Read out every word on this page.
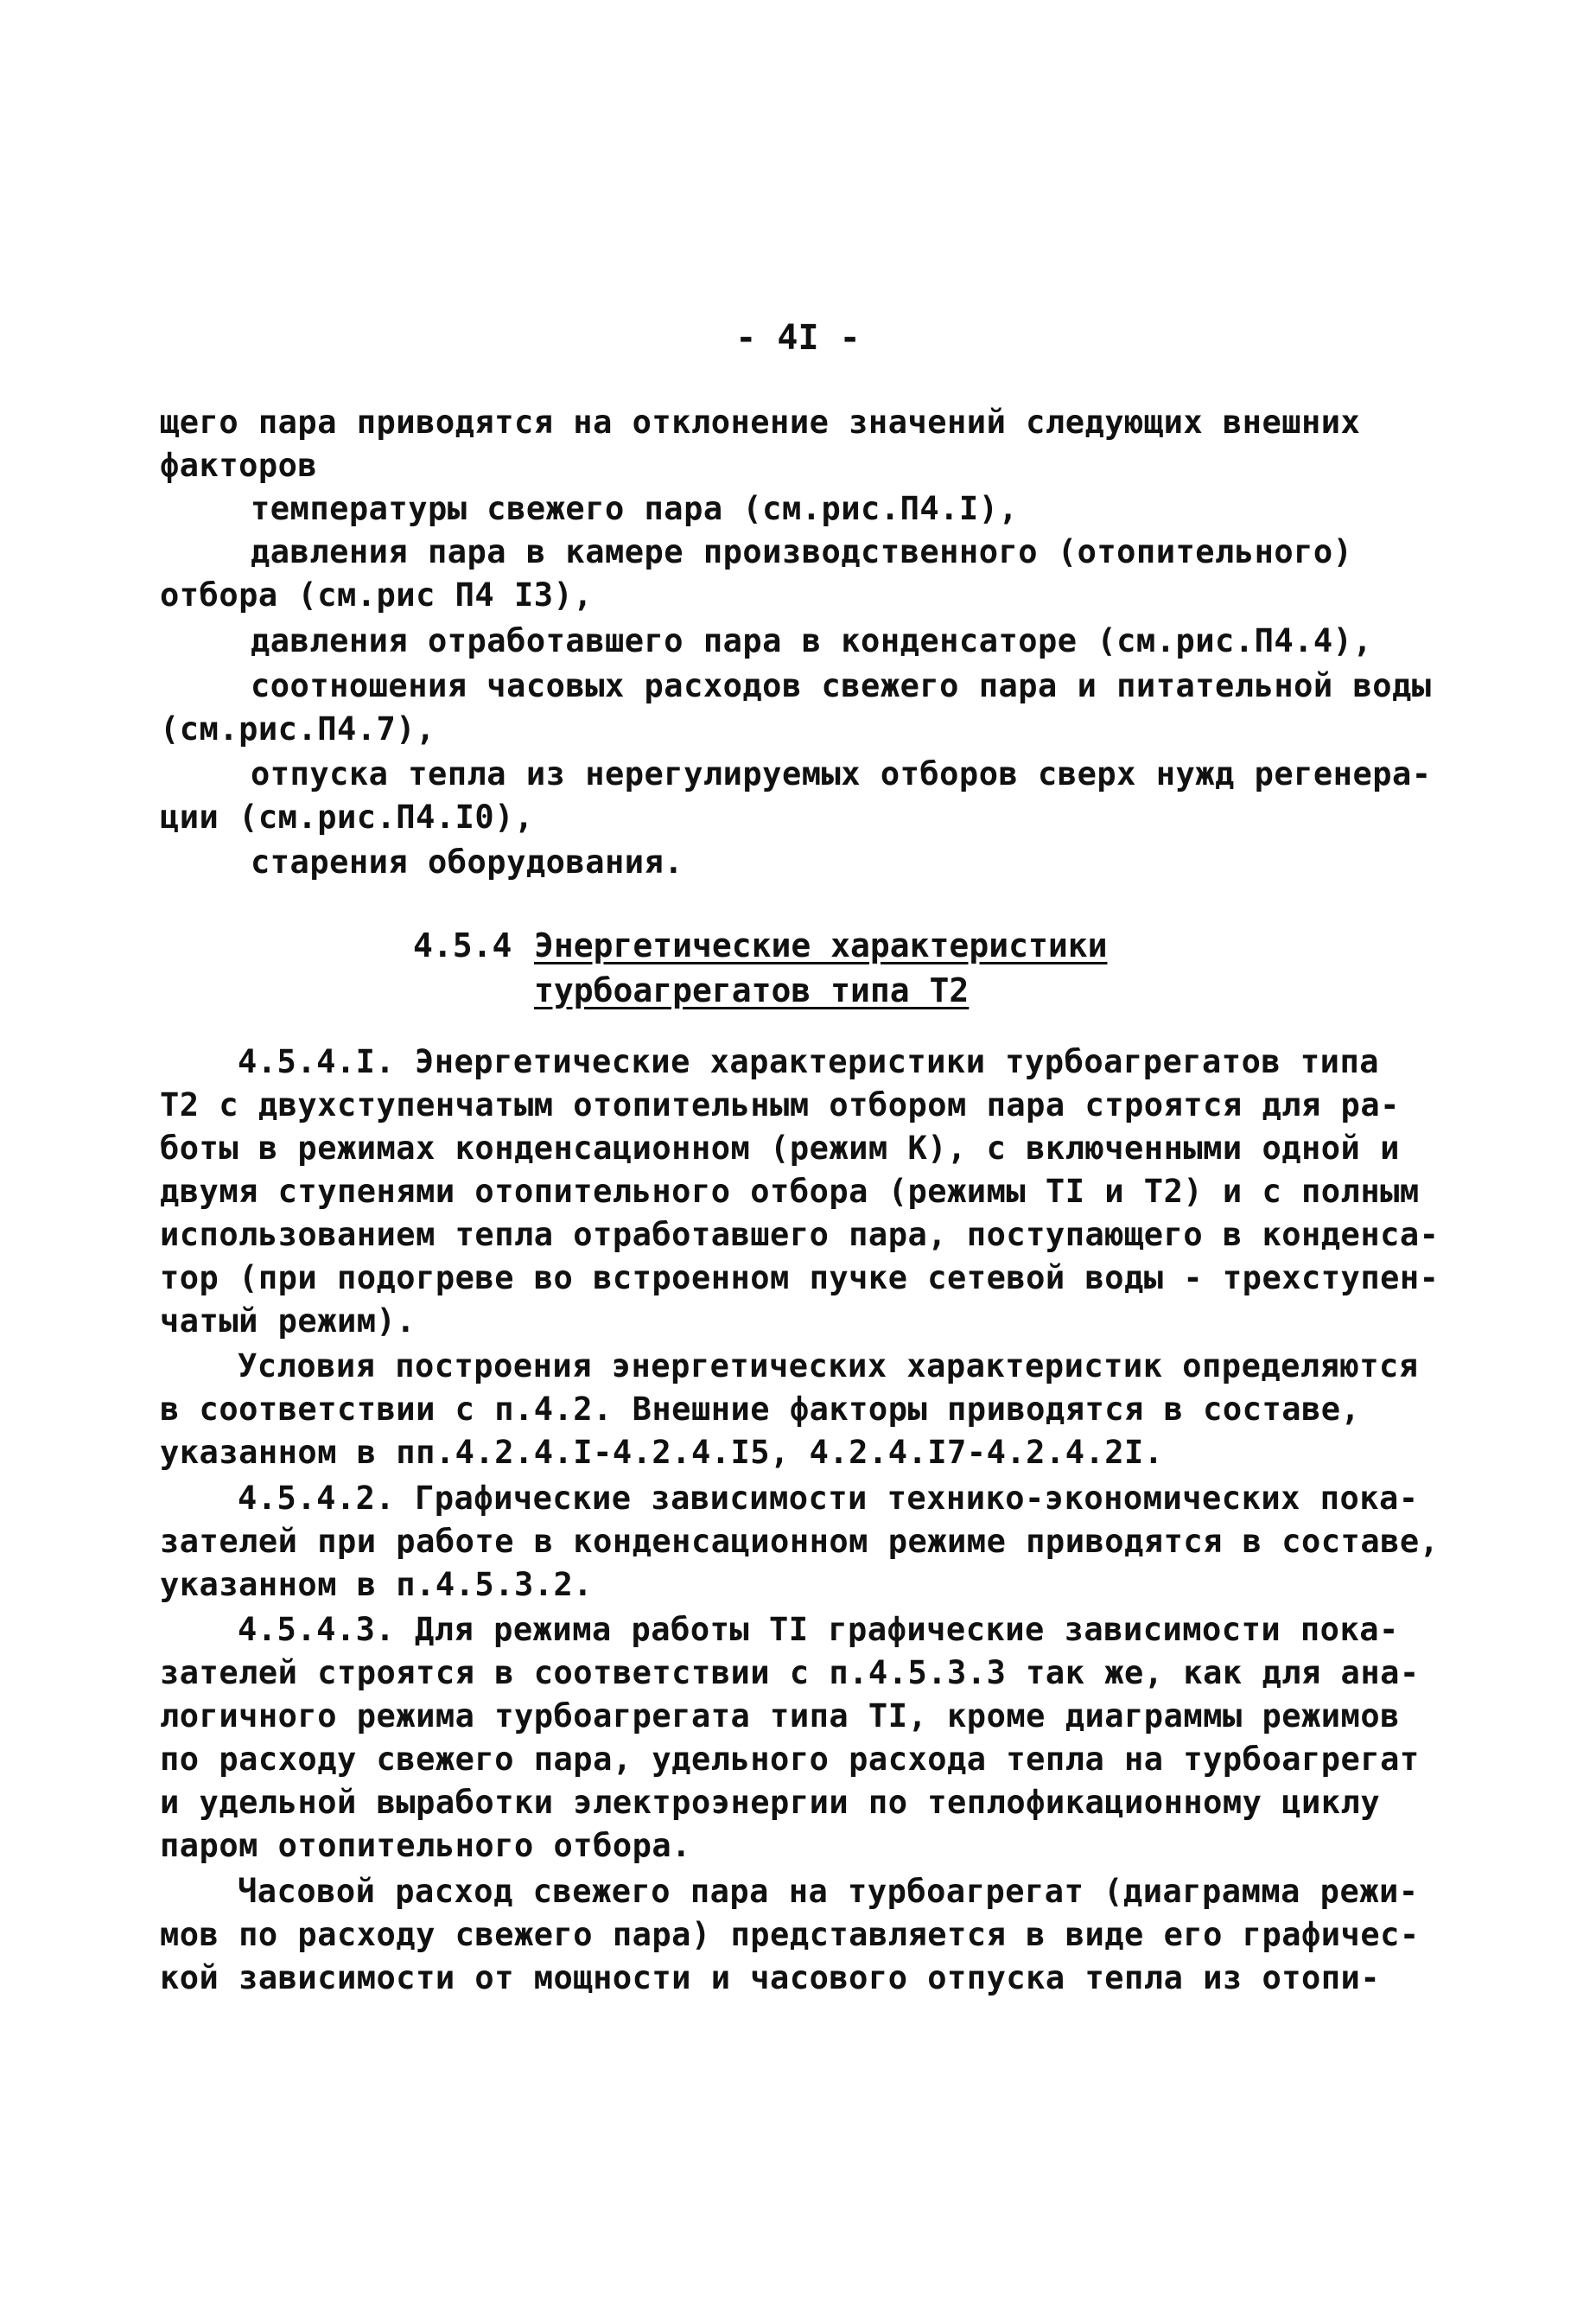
- 4I -
щего пара приводятся на отклонение значений следующих внешних
факторов
температуры свежего пара (см.рис.П4.I),
давления пара в камере производственного (отопительного)
отбора (см.рис П4 I3),
давления отработавшего пара в конденсаторе (см.рис.П4.4),
соотношения часовых расходов свежего пара и питательной воды
(см.рис.П4.7),
отпуска тепла из нерегулируемых отборов сверх нужд регенера-
ции (см.рис.П4.I0),
старения оборудования.
4.5.4 Энергетические характеристики
турбоагрегатов типа Т2
4.5.4.I. Энергетические характеристики турбоагрегатов типа
Т2 с двухступенчатым отопительным отбором пара строятся для ра-
боты в режимах конденсационном (режим К), с включенными одной и
двумя ступенями отопительного отбора (режимы ТI и Т2) и с полным
использованием тепла отработавшего пара, поступающего в конденса-
тор (при подогреве во встроенном пучке сетевой воды - трехступен-
чатый режим).
Условия построения энергетических характеристик определяются
в соответствии с п.4.2. Внешние факторы приводятся в составе,
указанном в пп.4.2.4.I-4.2.4.I5, 4.2.4.I7-4.2.4.2I.
4.5.4.2. Графические зависимости технико-экономических пока-
зателей при работе в конденсационном режиме приводятся в составе,
указанном в п.4.5.3.2.
4.5.4.3. Для режима работы ТI графические зависимости пока-
зателей строятся в соответствии с п.4.5.3.3 так же, как для ана-
логичного режима турбоагрегата типа ТI, кроме диаграммы режимов
по расходу свежего пара, удельного расхода тепла на турбоагрегат
и удельной выработки электроэнергии по теплофикационному циклу
паром отопительного отбора.
Часовой расход свежего пара на турбоагрегат (диаграмма режи-
мов по расходу свежего пара) представляется в виде его графичес-
кой зависимости от мощности и часового отпуска тепла из отопи-
